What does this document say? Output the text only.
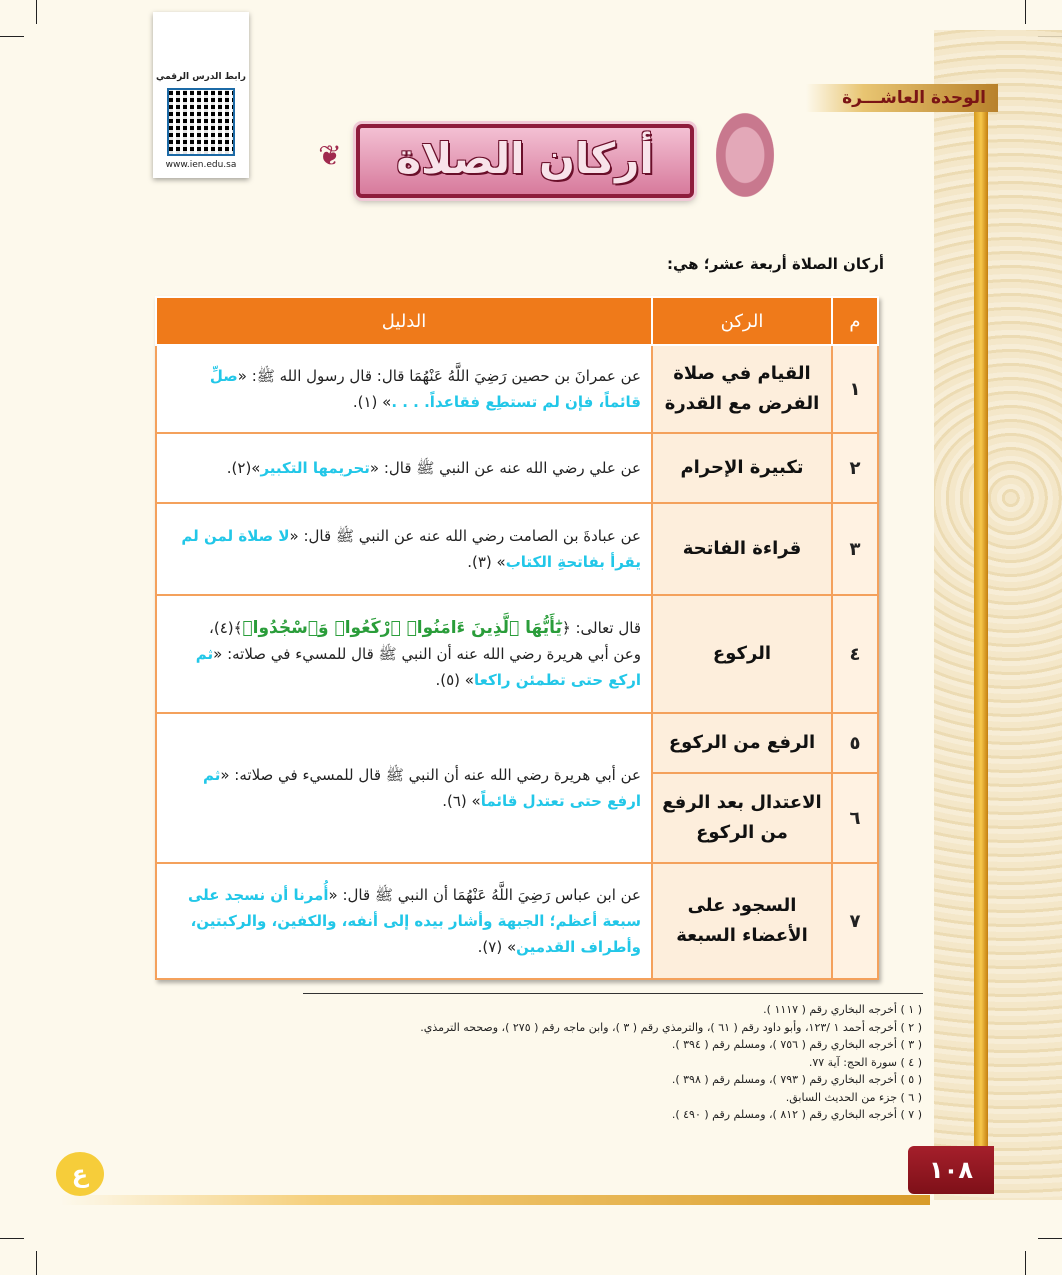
الوحدة العاشـــرة
رابط الدرس الرقمي
www.ien.edu.sa	❦	أركان الصلاة
أركان الصلاة أربعة عشر؛ هي:
م	الركن	الدليل
١	القيام في صلاة الفرض مع القدرة	عن عمرانَ بن حصين رَضِيَ اللَّهُ عَنْهُمَا قال: قال رسول الله ﷺ: «صلِّ قائماً، فإن لم تستطِع فقاعداً. . . .» (١).
٢	تكبيرة الإحرام	عن علي رضي الله عنه عن النبي ﷺ قال: «تحريمها التكبير»(٢).
٣	قراءة الفاتحة	عن عبادةَ بن الصامت رضي الله عنه عن النبي ﷺ قال: «لا صلاة لمن لم يقرأ بفاتحةِ الكتاب» (٣).
٤	الركوع	قال تعالى: ﴿يَٰٓأَيُّهَا ٱلَّذِينَ ءَامَنُوا۟ ٱرْكَعُوا۟ وَٱسْجُدُوا۟﴾(٤)،
وعن أبي هريرة رضي الله عنه أن النبي ﷺ قال للمسيء في صلاته: «ثم اركع حتى تطمئن راكعا» (٥).
٥	الرفع من الركوع	عن أبي هريرة رضي الله عنه أن النبي ﷺ قال للمسيء في صلاته: «ثم ارفع حتى تعتدل قائماً» (٦).
٦	الاعتدال بعد الرفع من الركوع	
٧	السجود على الأعضاء السبعة	عن ابن عباس رَضِيَ اللَّهُ عَنْهُمَا أن النبي ﷺ قال: «أُمرنا أن نسجد على سبعة أعظم؛ الجبهة وأشار بيده إلى أنفه، والكفين، والركبتين، وأطراف القدمين» (٧).
( ١ ) أخرجه البخاري رقم ( ١١١٧ ).
( ٢ ) أخرجه أحمد ١ /١٢٣، وأبو داود رقم ( ٦١ )، والترمذي رقم ( ٣ )، وابن ماجه رقم ( ٢٧٥ )، وصححه الترمذي.
( ٣ ) أخرجه البخاري رقم ( ٧٥٦ )، ومسلم رقم ( ٣٩٤ ).
( ٤ ) سورة الحج: آية ٧٧.
( ٥ ) أخرجه البخاري رقم ( ٧٩٣ )، ومسلم رقم ( ٣٩٨ ).
( ٦ ) جزء من الحديث السابق.
( ٧ ) أخرجه البخاري رقم ( ٨١٢ )، ومسلم رقم ( ٤٩٠ ).
١٠٨
ع
